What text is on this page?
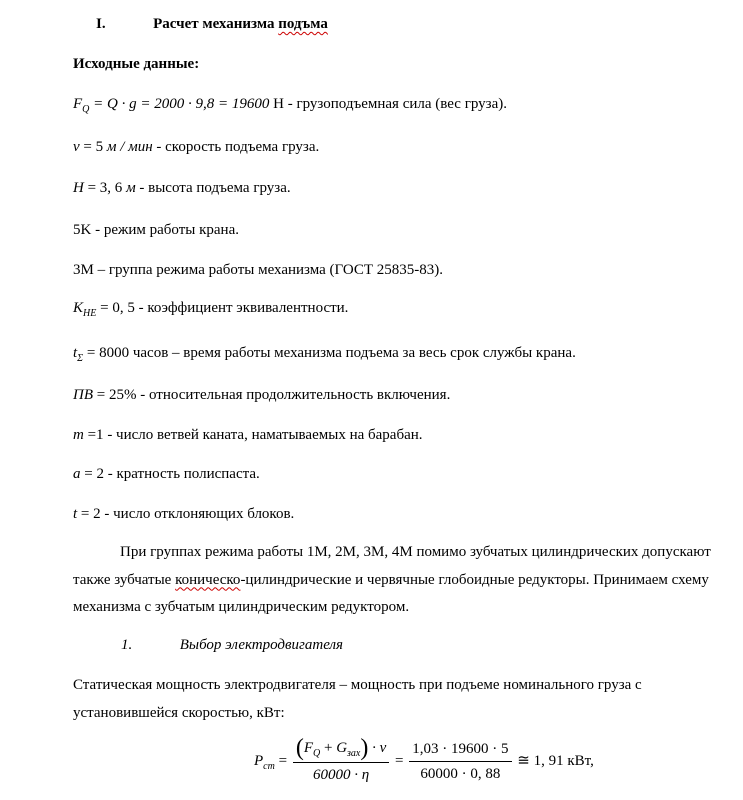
I.	Расчет механизма подъма
Исходные данные:
$F_Q = Q \cdot g = 2000 \cdot 9,8 = 19600$ Н - грузоподъемная сила (вес груза).
v = 5 м / мин - скорость подъема груза.
H = 3, 6 м - высота подъема груза.
5K - режим работы крана.
3М – группа режима работы механизма (ГОСТ 25835-83).
$K_{HE} = 0$, 5 - коэффициент эквивалентности.
$t_\Sigma = 8000$ часов – время работы механизма подъема за весь срок службы крана.
ПВ = 25% - относительная продолжительность включения.
m =1 - число ветвей каната, наматываемых на барабан.
a = 2 - кратность полиспаста.
t = 2 - число отклоняющих блоков.
При группах режима работы 1М, 2М, 3М, 4М помимо зубчатых цилиндрических допускают также зубчатые коническо-цилиндрические и червячные глобоидные редукторы. Принимаем схему механизма с зубчатым цилиндрическим редуктором.
1.	Выбор электродвигателя
Статическая мощность электродвигателя – мощность при подъеме номинального груза с установившейся скоростью, кВт:
$P_{ст} = \frac{(F_Q + G_{зах}) \cdot v}{60000 \cdot \eta} = \frac{1,03 \cdot 19600 \cdot 5}{60000 \cdot 0, 88}$ ≅ 1, 91 кВт,
